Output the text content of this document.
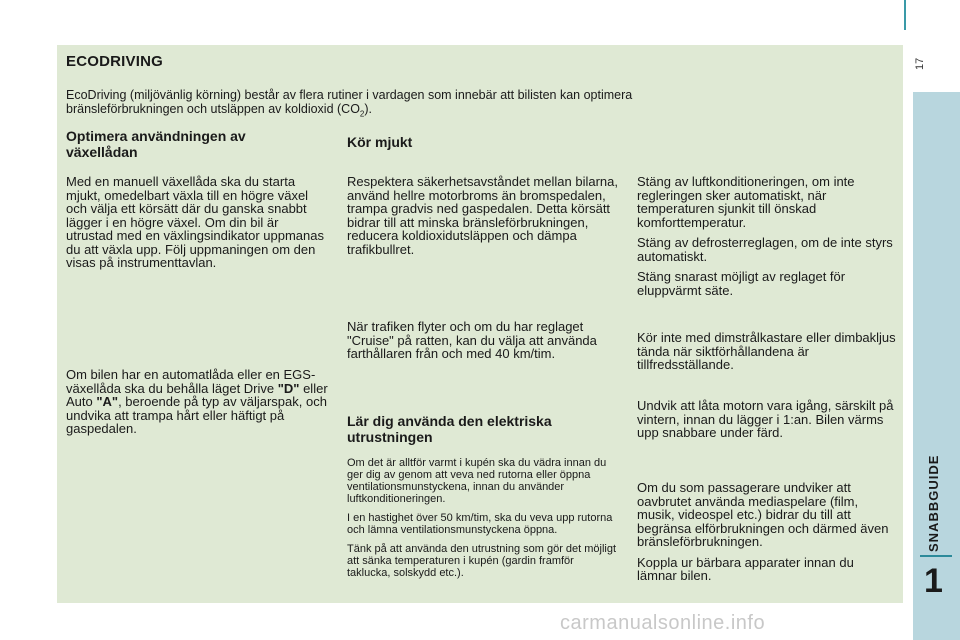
17
SNABBGUIDE
1
ECODRIVING
EcoDriving (miljövänlig körning) består av flera rutiner i vardagen som innebär att bilisten kan optimera
bränsleförbrukningen och utsläppen av koldioxid $(CO_2)$.
Optimera användningen av växellådan
Med en manuell växellåda ska du starta mjukt, omedelbart växla till en högre växel och välja ett körsätt där du ganska snabbt lägger i en högre växel. Om din bil är utrustad med en växlingsindikator uppmanas du att växla upp. Följ uppmaningen om den visas på instrumenttavlan.
Om bilen har en automatlåda eller en EGS-växellåda ska du behålla läget Drive "D" eller Auto "A", beroende på typ av väljarspak, och undvika att trampa hårt eller häftigt på gaspedalen.
Kör mjukt
Respektera säkerhetsavståndet mellan bilarna, använd hellre motorbroms än bromspedalen, trampa gradvis ned gaspedalen. Detta körsätt bidrar till att minska bränsleförbrukningen, reducera koldioxidutsläppen och dämpa trafikbullret.
När trafiken flyter och om du har reglaget "Cruise" på ratten, kan du välja att använda farthållaren från och med 40 km/tim.
Lär dig använda den elektriska utrustningen

Om det är alltför varmt i kupén ska du vädra innan du ger dig av genom att veva ned rutorna eller öppna ventilationsmunstyckena, innan du använder luftkonditioneringen.

I en hastighet över 50 km/tim, ska du veva upp rutorna och lämna ventilationsmunstyckena öppna.

Tänk på att använda den utrustning som gör det möjligt att sänka temperaturen i kupén (gardin framför taklucka, solskydd etc.).

Stäng av luftkonditioneringen, om inte regleringen sker automatiskt, när temperaturen sjunkit till önskad komforttemperatur.

Stäng av defrosterreglagen, om de inte styrs automatiskt.

Stäng snarast möjligt av reglaget för eluppvärmt säte.

Kör inte med dimstrålkastare eller dimbakljus tända när siktförhållandena är tillfredsställande.
Undvik att låta motorn vara igång, särskilt på vintern, innan du lägger i 1:an. Bilen värms upp snabbare under färd.

Om du som passagerare undviker att oavbrutet använda mediaspelare (film, musik, videospel etc.) bidrar du till att begränsa elförbrukningen och därmed även bränsleförbrukningen.

Koppla ur bärbara apparater innan du lämnar bilen.

carmanualsonline.info
